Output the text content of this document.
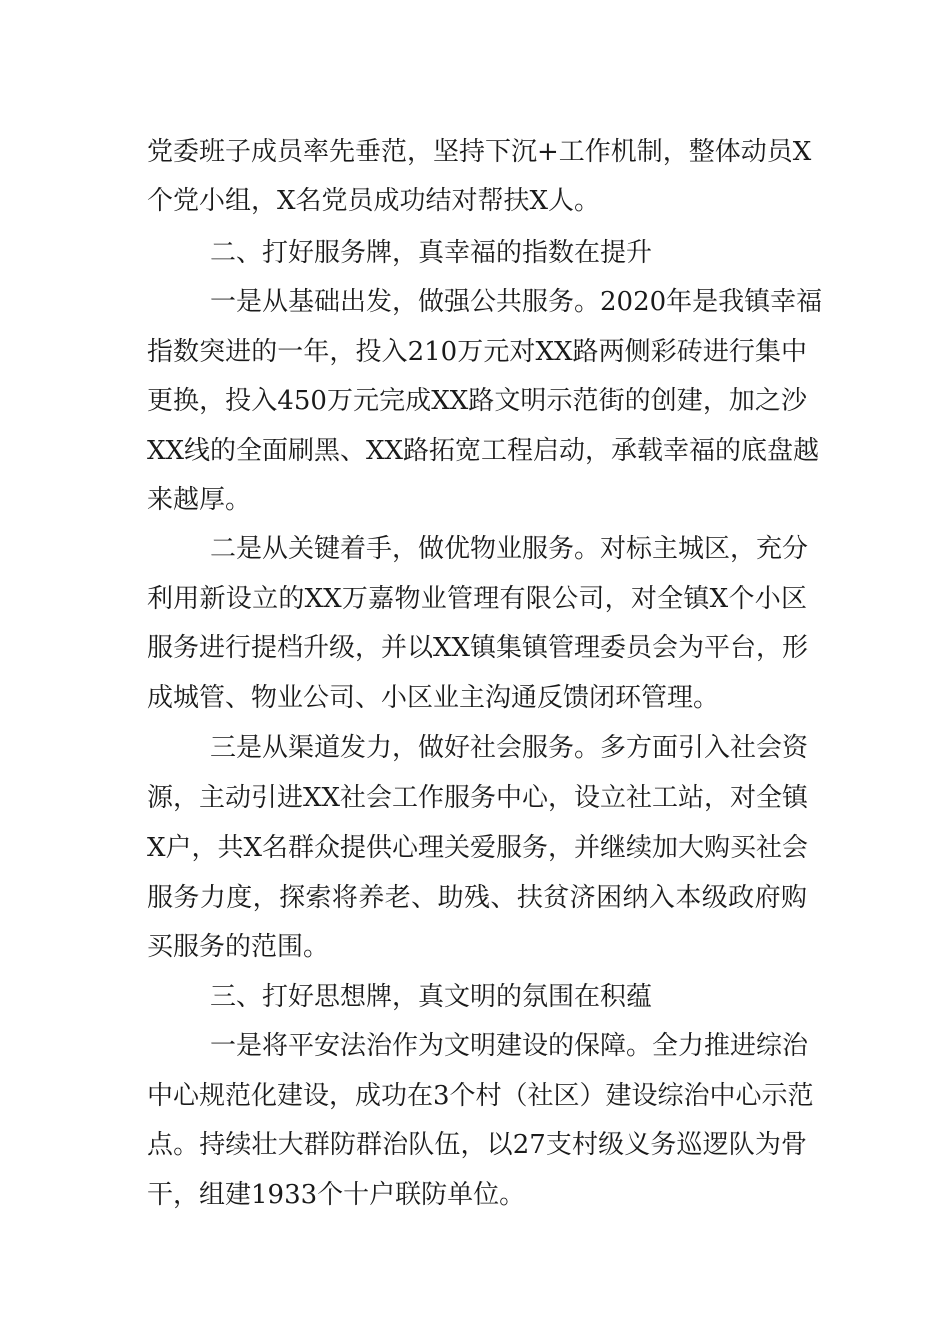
党委班子成员率先垂范，坚持下沉+工作机制，整体动员X
个党小组，X名党员成功结对帮扶X人。
二、打好服务牌，真幸福的指数在提升
一是从基础出发，做强公共服务。2020年是我镇幸福
指数突进的一年，投入210万元对XX路两侧彩砖进行集中
更换，投入450万元完成XX路文明示范街的创建，加之沙
XX线的全面刷黑、XX路拓宽工程启动，承载幸福的底盘越
来越厚。
二是从关键着手，做优物业服务。对标主城区，充分
利用新设立的XX万嘉物业管理有限公司，对全镇X个小区
服务进行提档升级，并以XX镇集镇管理委员会为平台，形
成城管、物业公司、小区业主沟通反馈闭环管理。
三是从渠道发力，做好社会服务。多方面引入社会资
源，主动引进XX社会工作服务中心，设立社工站，对全镇
X户，共X名群众提供心理关爱服务，并继续加大购买社会
服务力度，探索将养老、助残、扶贫济困纳入本级政府购
买服务的范围。
三、打好思想牌，真文明的氛围在积蕴
一是将平安法治作为文明建设的保障。全力推进综治
中心规范化建设，成功在3个村（社区）建设综治中心示范
点。持续壮大群防群治队伍，以27支村级义务巡逻队为骨
干，组建1933个十户联防单位。
